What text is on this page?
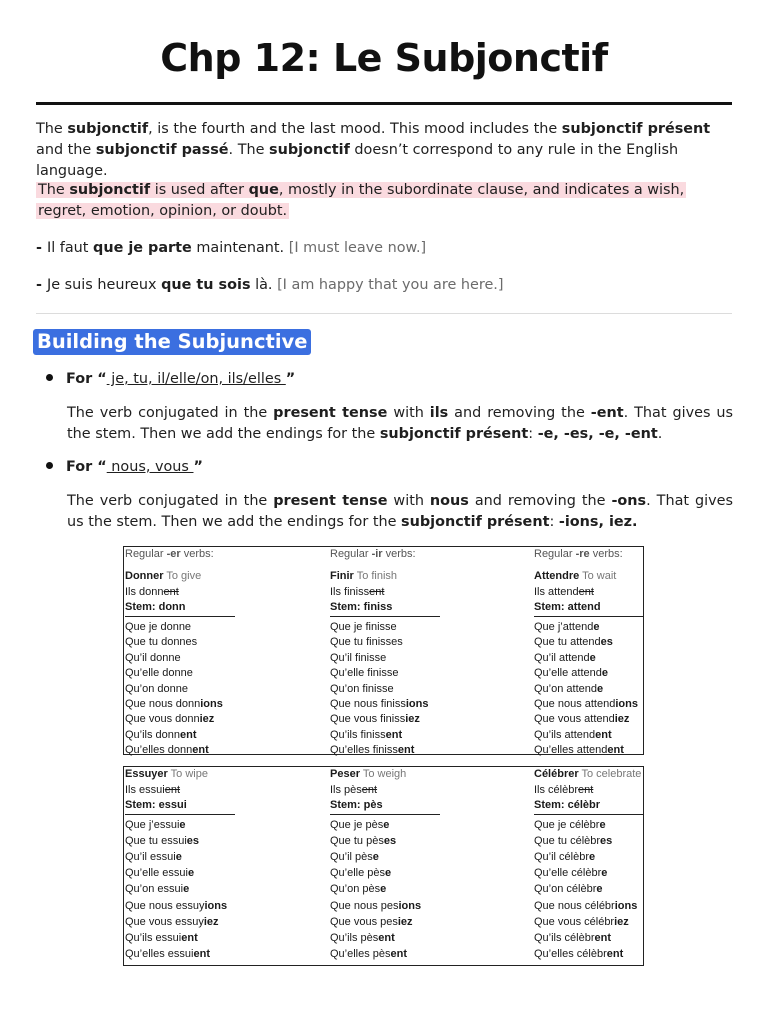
Chp 12: Le Subjonctif
The subjonctif, is the fourth and the last mood. This mood includes the subjonctif présent and the subjonctif passé. The subjonctif doesn’t correspond to any rule in the English language.
The subjonctif is used after que, mostly in the subordinate clause, and indicates a wish, regret, emotion, opinion, or doubt.
- Il faut que je parte maintenant. [I must leave now.]
- Je suis heureux que tu sois là. [I am happy that you are here.]
Building the Subjunctive
For “ je, tu, il/elle/on, ils/elles ”
The verb conjugated in the present tense with ils and removing the -ent. That gives us the stem. Then we add the endings for the subjonctif présent: -e, -es, -e, -ent.
For “ nous, vous ”
The verb conjugated in the present tense with nous and removing the -ons. That gives us the stem. Then we add the endings for the subjonctif présent: -ions, iez.
Regular -er verbs:
Donner To give
Ils donnent
Stem: donn
Que je donne
Que tu donnes
Qu’il donne
Qu’elle donne
Qu’on donne
Que nous donnions
Que vous donniez
Qu’ils donnent
Qu’elles donnent
Regular -ir verbs:
Finir To finish
Ils finissent
Stem: finiss
Que je finisse
Que tu finisses
Qu’il finisse
Qu’elle finisse
Qu’on finisse
Que nous finissions
Que vous finissiez
Qu’ils finissent
Qu’elles finissent
Regular -re verbs:
Attendre To wait
Ils attendent
Stem: attend
Que j’attende
Que tu attendes
Qu’il attende
Qu’elle attende
Qu’on attende
Que nous attendions
Que vous attendiez
Qu’ils attendent
Qu’elles attendent
Essuyer To wipe
Ils essuient
Stem: essui
Que j’essuie
Que tu essuies
Qu’il essuie
Qu’elle essuie
Qu’on essuie
Que nous essuyions
Que vous essuyiez
Qu’ils essuient
Qu’elles essuient
Peser To weigh
Ils pèsent
Stem: pès
Que je pèse
Que tu pèses
Qu’il pèse
Qu’elle pèse
Qu’on pèse
Que nous pesions
Que vous pesiez
Qu’ils pèsent
Qu’elles pèsent
Célébrer To celebrate
Ils célèbrent
Stem: célèbr
Que je célèbre
Que tu célèbres
Qu’il célèbre
Qu’elle célèbre
Qu’on célèbre
Que nous célébrions
Que vous célébriez
Qu’ils célèbrent
Qu’elles célèbrent
